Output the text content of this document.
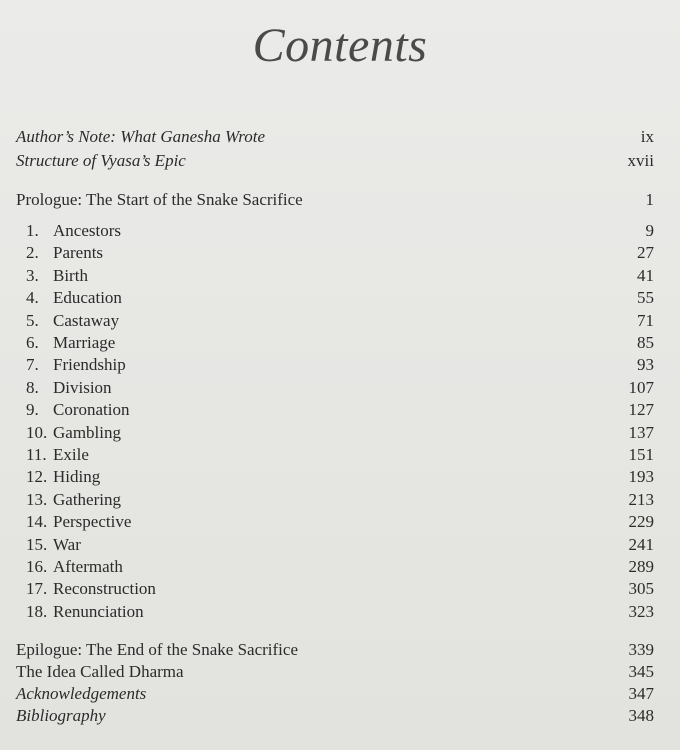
Contents
Author’s Note: What Ganesha Wrote	ix
Structure of Vyasa’s Epic	xvii
Prologue: The Start of the Snake Sacrifice	1
1. Ancestors	9
2. Parents	27
3. Birth	41
4. Education	55
5. Castaway	71
6. Marriage	85
7. Friendship	93
8. Division	107
9. Coronation	127
10. Gambling	137
11. Exile	151
12. Hiding	193
13. Gathering	213
14. Perspective	229
15. War	241
16. Aftermath	289
17. Reconstruction	305
18. Renunciation	323
Epilogue: The End of the Snake Sacrifice	339
The Idea Called Dharma	345
Acknowledgements	347
Bibliography	348
